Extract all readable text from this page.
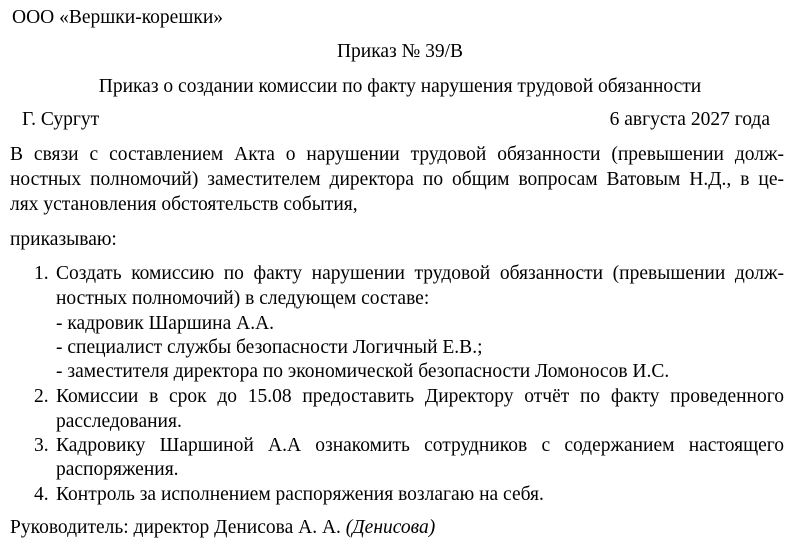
ООО «Вершки-корешки»

Приказ № 39/В

Приказ о создании комиссии по факту нарушения трудовой обязанности

Г. Сургут	6 августа 2027 года

В связи с составлением Акта о нарушении трудовой обязанности (превышении долж-

ностных полномочий) заместителем директора по общим вопросам Ватовым Н.Д., в це-

лях установления обстоятельств события,

приказываю:

1. Создать комиссию по факту нарушении трудовой обязанности (превышении долж-

ностных полномочий) в следующем составе:

- кадровик Шаршина А.А.

- специалист службы безопасности Логичный Е.В.;

- заместителя директора по экономической безопасности Ломоносов И.С.

2. Комиссии в срок до 15.08 предоставить Директору отчёт по факту проведенного

расследования.

3. Кадровику Шаршиной А.А ознакомить сотрудников с содержанием настоящего

распоряжения.

4. Контроль за исполнением распоряжения возлагаю на себя.

Руководитель: директор Денисова А. А. (Денисова)
